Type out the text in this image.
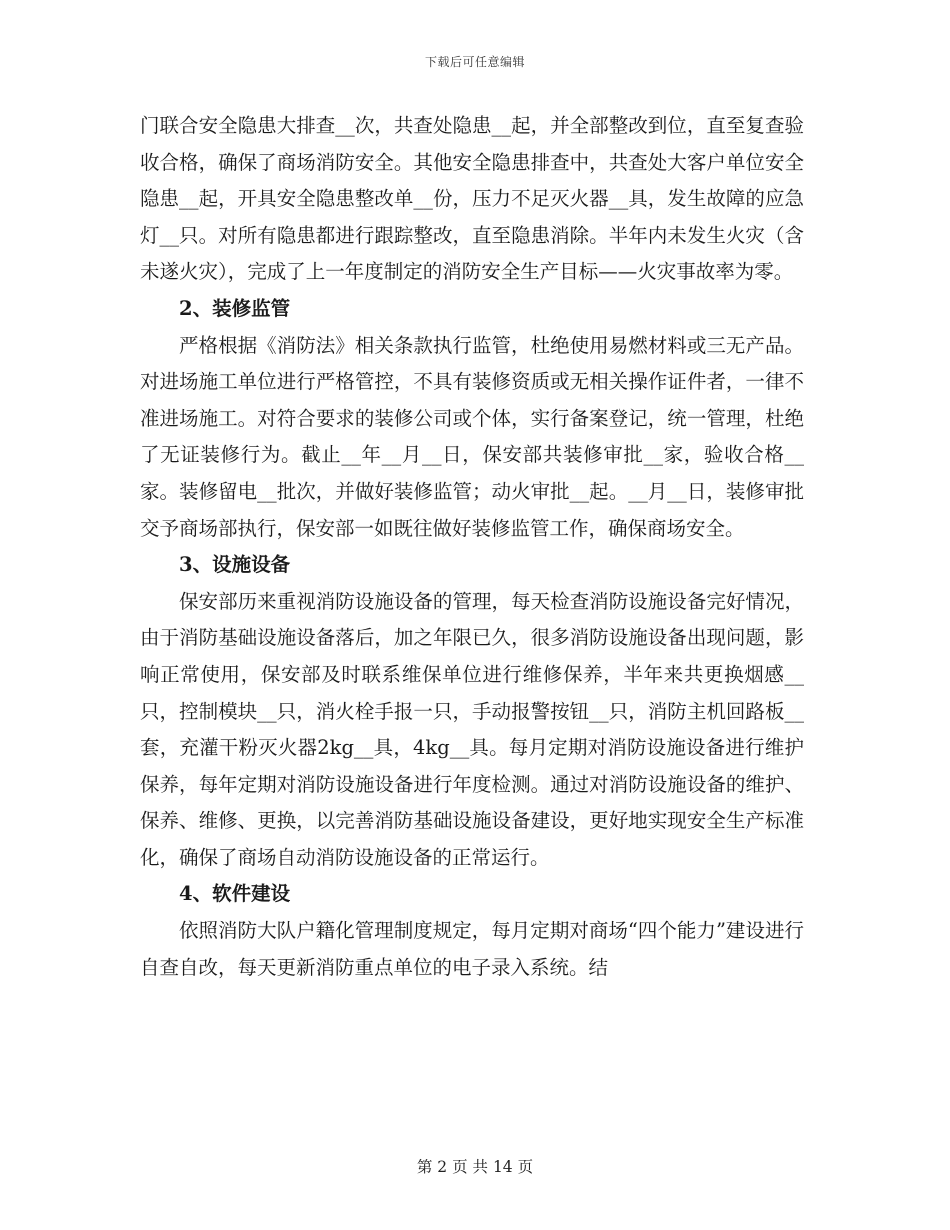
下载后可任意编辑

门联合安全隐患大排查__次，共查处隐患__起，并全部整改到位，直至复查验收合格，确保了商场消防安全。其他安全隐患排查中，共查处大客户单位安全隐患__起，开具安全隐患整改单__份，压力不足灭火器__具，发生故障的应急灯__只。对所有隐患都进行跟踪整改，直至隐患消除。半年内未发生火灾（含未遂火灾），完成了上一年度制定的消防安全生产目标——火灾事故率为零。

2、装修监管

严格根据《消防法》相关条款执行监管，杜绝使用易燃材料或三无产品。对进场施工单位进行严格管控，不具有装修资质或无相关操作证件者，一律不准进场施工。对符合要求的装修公司或个体，实行备案登记，统一管理，杜绝了无证装修行为。截止__年__月__日，保安部共装修审批__家，验收合格__家。装修留电__批次，并做好装修监管；动火审批__起。__月__日，装修审批交予商场部执行，保安部一如既往做好装修监管工作，确保商场安全。

3、设施设备

保安部历来重视消防设施设备的管理，每天检查消防设施设备完好情况，由于消防基础设施设备落后，加之年限已久，很多消防设施设备出现问题，影响正常使用，保安部及时联系维保单位进行维修保养，半年来共更换烟感__只，控制模块__只，消火栓手报一只，手动报警按钮__只，消防主机回路板__套，充灌干粉灭火器2kg__具，4kg__具。每月定期对消防设施设备进行维护保养，每年定期对消防设施设备进行年度检测。通过对消防设施设备的维护、保养、维修、更换，以完善消防基础设施设备建设，更好地实现安全生产标准化，确保了商场自动消防设施设备的正常运行。

4、软件建设

依照消防大队户籍化管理制度规定，每月定期对商场“四个能力”建设进行自查自改，每天更新消防重点单位的电子录入系统。结

第 2 页 共 14 页
